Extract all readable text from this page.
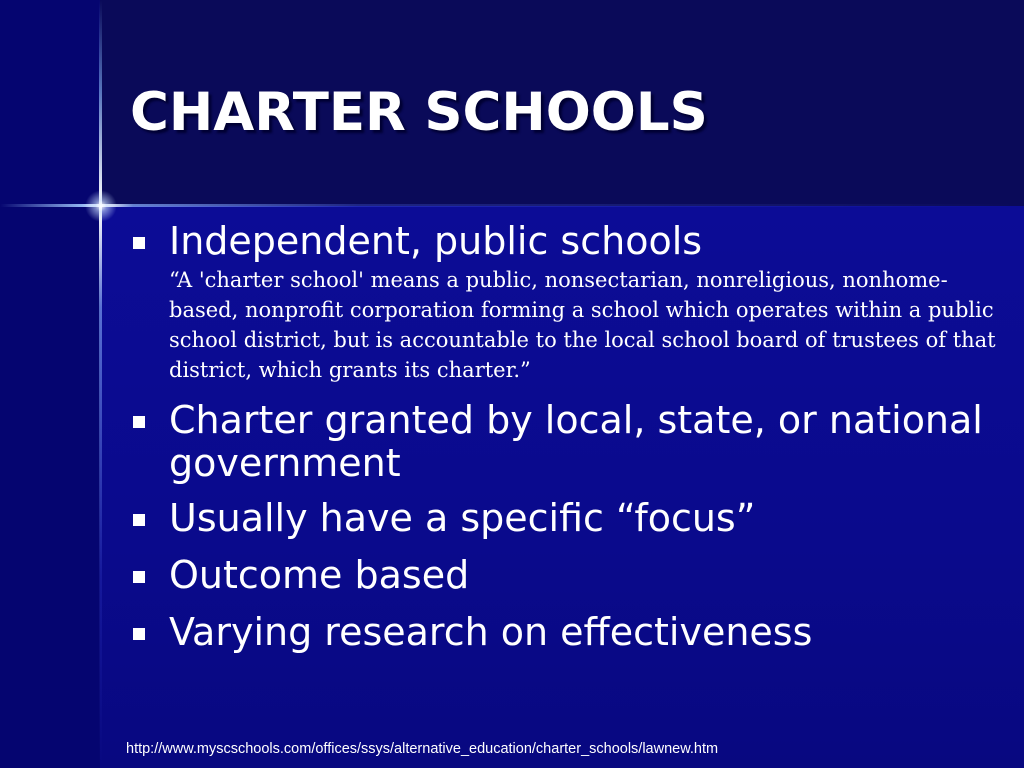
CHARTER SCHOOLS
Independent, public schools
“A 'charter school' means a public, nonsectarian, nonreligious, nonhome-based, nonprofit corporation forming a school which operates within a public school district, but is accountable to the local school board of trustees of that district, which grants its charter.”
Charter granted by local, state, or national government
Usually have a specific “focus”
Outcome based
Varying research on effectiveness

http://www.myscschools.com/offices/ssys/alternative_education/charter_schools/lawnew.htm
